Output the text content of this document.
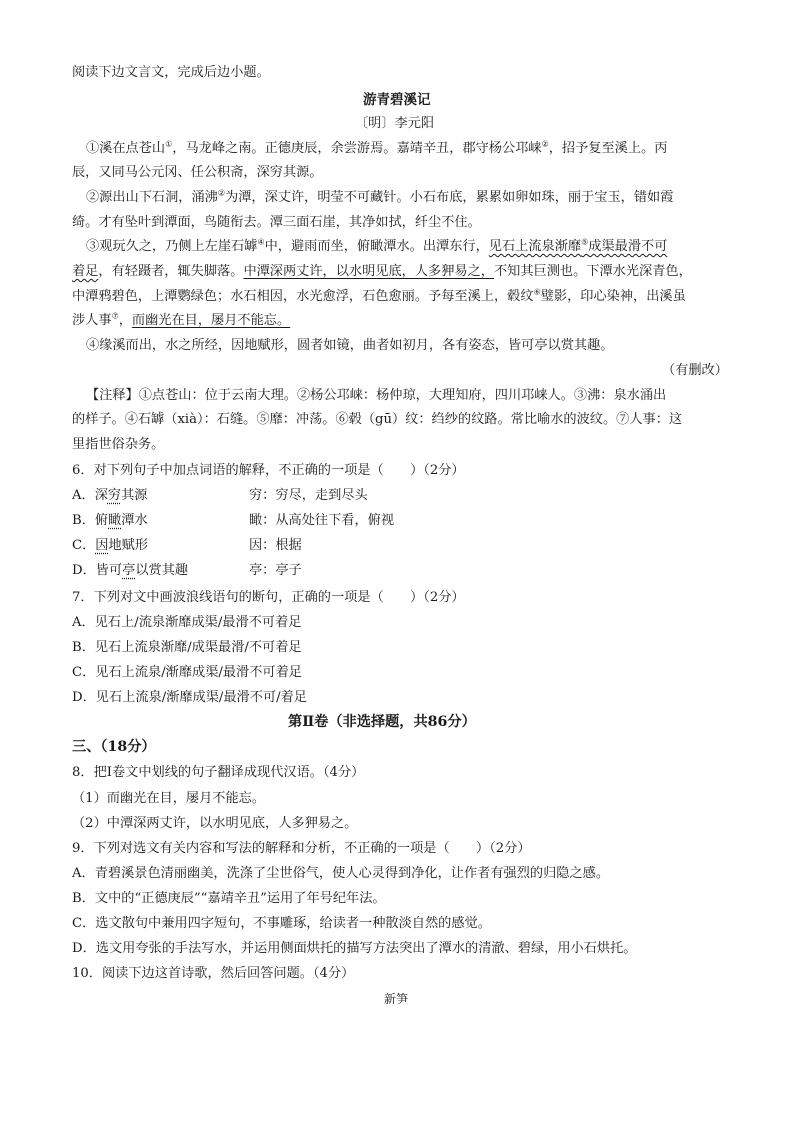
阅读下边文言文，完成后边小题。
游青碧溪记
〔明〕李元阳
①溪在点苍山①，马龙峰之南。正德庚辰，余尝游焉。嘉靖辛丑，郡守杨公邛崃②，招予复至溪上。丙
辰，又同马公元冈、任公积斋，深穷其源。
②源出山下石洞，涌沸②为潭，深丈许，明莹不可藏针。小石布底，累累如卵如珠，丽于宝玉，错如霞
绮。才有坠叶到潭面，鸟随衔去。潭三面石崖，其净如拭，纤尘不住。
③观玩久之，乃侧上左崖石罅④中，避雨而坐，俯瞰潭水。出潭东行，见石上流泉渐靡⑤成渠最滑不可
着足，有轻蹑者，辄失脚落。中潭深两丈许，以水明见底，人多狎易之，不知其巨测也。下潭水光深青色，
中潭鸦碧色，上潭鹦绿色；水石相因，水光愈浮，石色愈丽。予每至溪上，毂纹⑥璧影，印心染神，出溪虽
涉人事⑦，而幽光在目，屡月不能忘。
④缘溪而出，水之所经，因地赋形，圆者如镜，曲者如初月，各有姿态，皆可亭以赏其趣。
（有删改）
【注释】①点苍山：位于云南大理。②杨公邛崃：杨仲琼，大理知府，四川邛崃人。③沸：泉水涌出
的样子。④石罅（xià）：石缝。⑤靡：冲荡。⑥毂（gū）纹：绉纱的纹路。常比喻水的波纹。⑦人事：这
里指世俗杂务。
6．对下列句子中加点词语的解释，不正确的一项是（　　）（2分）
A．深穷其源	穷：穷尽，走到尽头
B．俯瞰潭水	瞰：从高处往下看，俯视
C．因地赋形	因：根据
D．皆可亭以赏其趣	亭：亭子
7．下列对文中画波浪线语句的断句，正确的一项是（　　）（2分）
A．见石上/流泉渐靡成渠/最滑不可着足
B．见石上流泉渐靡/成渠最滑/不可着足
C．见石上流泉/渐靡成渠/最滑不可着足
D．见石上流泉/渐靡成渠/最滑不可/着足
第Ⅱ卷（非选择题，共86分）
三、（18分）
8．把Ⅰ卷文中划线的句子翻译成现代汉语。（4分）
（1）而幽光在目，屡月不能忘。
（2）中潭深两丈许，以水明见底，人多狎易之。
9．下列对选文有关内容和写法的解释和分析，不正确的一项是（　　）（2分）
A．青碧溪景色清丽幽美，洗涤了尘世俗气，使人心灵得到净化，让作者有强烈的归隐之感。
B．文中的“正德庚辰”“嘉靖辛丑”运用了年号纪年法。
C．选文散句中兼用四字短句，不事雕琢，给读者一种散淡自然的感觉。
D．选文用夸张的手法写水，并运用侧面烘托的描写方法突出了潭水的清澈、碧绿，用小石烘托。
10．阅读下边这首诗歌，然后回答问题。（4分）
新笋
